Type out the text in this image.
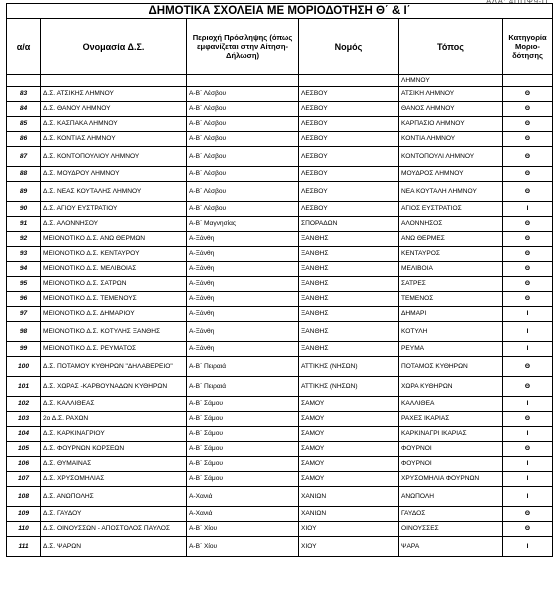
ΑΔΑ: 4ΠΠΨ9-Π
ΔΗΜΟΤΙΚΑ ΣΧΟΛΕΙΑ ΜΕ ΜΟΡΙΟΔΟΤΗΣΗ Θ΄ & Ι΄					
α/α	Ονομασία Δ.Σ.	Περιοχή Πρόσληψης (όπως εμφανίζεται στην Αίτηση-Δήλωση)	Νομός	Τόπος	Κατηγορία Μοριο-δότησης
				ΛΗΜΝΟΥ	
83	Δ.Σ. ΑΤΣΙΚΗΣ ΛΗΜΝΟΥ	Α-Β΄ Λέσβου	ΛΕΣΒΟΥ	ΑΤΣΙΚΗ ΛΗΜΝΟΥ	Θ
84	Δ.Σ. ΘΑΝΟΥ ΛΗΜΝΟΥ	Α-Β΄ Λέσβου	ΛΕΣΒΟΥ	ΘΑΝΟΣ ΛΗΜΝΟΥ	Θ
85	Δ.Σ. ΚΑΣΠΑΚΑ ΛΗΜΝΟΥ	Α-Β΄ Λέσβου	ΛΕΣΒΟΥ	ΚΑΡΠΑΣΙΟ ΛΗΜΝΟΥ	Θ
86	Δ.Σ. ΚΟΝΤΙΑΣ ΛΗΜΝΟΥ	Α-Β΄ Λέσβου	ΛΕΣΒΟΥ	ΚΟΝΤΙΑ ΛΗΜΝΟΥ	Θ
87	Δ.Σ. ΚΟΝΤΟΠΟΥΛΙΟΥ ΛΗΜΝΟΥ	Α-Β΄ Λέσβου	ΛΕΣΒΟΥ	ΚΟΝΤΟΠΟΥΛΙ ΛΗΜΝΟΥ	Θ
88	Δ.Σ. ΜΟΥΔΡΟΥ ΛΗΜΝΟΥ	Α-Β΄ Λέσβου	ΛΕΣΒΟΥ	ΜΟΥΔΡΟΣ ΛΗΜΝΟΥ	Θ
89	Δ.Σ. ΝΕΑΣ ΚΟΥΤΑΛΗΣ ΛΗΜΝΟΥ	Α-Β΄ Λέσβου	ΛΕΣΒΟΥ	ΝΕΑ ΚΟΥΤΑΛΗ ΛΗΜΝΟΥ	Θ
90	Δ.Σ. ΑΓΙΟΥ ΕΥΣΤΡΑΤΙΟΥ	Α-Β΄ Λέσβου	ΛΕΣΒΟΥ	ΑΓΙΟΣ ΕΥΣΤΡΑΤΙΟΣ	Ι
91	Δ.Σ. ΑΛΟΝΝΗΣΟΥ	Α-Β΄ Μαγνησίας	ΣΠΟΡΑΔΩΝ	ΑΛΟΝΝΗΣΟΣ	Θ
92	ΜΕΙΟΝΟΤΙΚΟ Δ.Σ. ΑΝΩ ΘΕΡΜΩΝ	Α-Ξάνθη	ΞΑΝΘΗΣ	ΑΝΩ ΘΕΡΜΕΣ	Θ
93	ΜΕΙΟΝΟΤΙΚΟ Δ.Σ. ΚΕΝΤΑΥΡΟΥ	Α-Ξάνθη	ΞΑΝΘΗΣ	ΚΕΝΤΑΥΡΟΣ	Θ
94	ΜΕΙΟΝΟΤΙΚΟ Δ.Σ. ΜΕΛΙΒΟΙΑΣ	Α-Ξάνθη	ΞΑΝΘΗΣ	ΜΕΛΙΒΟΙΑ	Θ
95	ΜΕΙΟΝΟΤΙΚΟ Δ.Σ. ΣΑΤΡΩΝ	Α-Ξάνθη	ΞΑΝΘΗΣ	ΣΑΤΡΕΣ	Θ
96	ΜΕΙΟΝΟΤΙΚΟ Δ.Σ. ΤΕΜΕΝΟΥΣ	Α-Ξάνθη	ΞΑΝΘΗΣ	ΤΕΜΕΝΟΣ	Θ
97	ΜΕΙΟΝΟΤΙΚΟ Δ.Σ. ΔΗΜΑΡΙΟΥ	Α-Ξάνθη	ΞΑΝΘΗΣ	ΔΗΜΑΡΙ	Ι
98	ΜΕΙΟΝΟΤΙΚΟ Δ.Σ. ΚΟΤΥΛΗΣ ΞΑΝΘΗΣ	Α-Ξάνθη	ΞΑΝΘΗΣ	ΚΟΤΥΛΗ	Ι
99	ΜΕΙΟΝΟΤΙΚΟ Δ.Σ. ΡΕΥΜΑΤΟΣ	Α-Ξάνθη	ΞΑΝΘΗΣ	ΡΕΥΜΑ	Ι
100	Δ.Σ. ΠΟΤΑΜΟΥ ΚΥΘΗΡΩΝ "ΔΗΛΑΒΕΡΕΙΟ"	Α-Β΄ Πειραιά	ΑΤΤΙΚΗΣ (ΝΗΣΩΝ)	ΠΟΤΑΜΟΣ ΚΥΘΗΡΩΝ	Θ
101	Δ.Σ. ΧΩΡΑΣ -ΚΑΡΒΟΥΝΑΔΩΝ ΚΥΘΗΡΩΝ	Α-Β΄ Πειραιά	ΑΤΤΙΚΗΣ (ΝΗΣΩΝ)	ΧΩΡΑ ΚΥΘΗΡΩΝ	Θ
102	Δ.Σ. ΚΑΛΛΙΘΕΑΣ	Α-Β΄ Σάμου	ΣΑΜΟΥ	ΚΑΛΛΙΘΕΑ	Ι
103	2ο Δ.Σ. ΡΑΧΩΝ	Α-Β΄ Σάμου	ΣΑΜΟΥ	ΡΑΧΕΣ ΙΚΑΡΙΑΣ	Θ
104	Δ.Σ. ΚΑΡΚΙΝΑΓΡΙΟΥ	Α-Β΄ Σάμου	ΣΑΜΟΥ	ΚΑΡΚΙΝΑΓΡΙ ΙΚΑΡΙΑΣ	Ι
105	Δ.Σ. ΦΟΥΡΝΩΝ ΚΟΡΣΕΩΝ	Α-Β΄ Σάμου	ΣΑΜΟΥ	ΦΟΥΡΝΟΙ	Θ
106	Δ.Σ. ΘΥΜΑΙΝΑΣ	Α-Β΄ Σάμου	ΣΑΜΟΥ	ΦΟΥΡΝΟΙ	Ι
107	Δ.Σ. ΧΡΥΣΟΜΗΛΙΑΣ	Α-Β΄ Σάμου	ΣΑΜΟΥ	ΧΡΥΣΟΜΗΛΙΑ ΦΟΥΡΝΩΝ	Ι
108	Δ.Σ. ΑΝΩΠΟΛΗΣ	Α-Χανιά	ΧΑΝΙΩΝ	ΑΝΩΠΟΛΗ	Ι
109	Δ.Σ. ΓΑΥΔΟΥ	Α-Χανιά	ΧΑΝΙΩΝ	ΓΑΥΔΟΣ	Θ
110	Δ.Σ. ΟΙΝΟΥΣΣΩΝ - ΑΠΟΣΤΟΛΟΣ ΠΑΥΛΟΣ	Α-Β΄ Χίου	ΧΙΟΥ	ΟΙΝΟΥΣΣΕΣ	Θ
111	Δ.Σ. ΨΑΡΩΝ	Α-Β΄ Χίου	ΧΙΟΥ	ΨΑΡΑ	Ι
